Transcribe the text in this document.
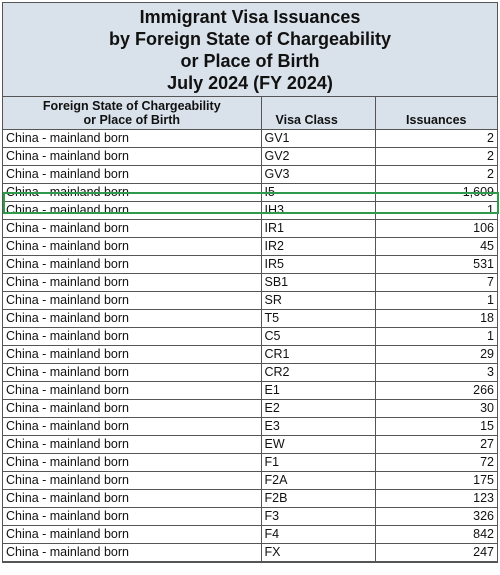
Immigrant Visa Issuances
by Foreign State of Chargeability
or Place of Birth
July 2024 (FY 2024)
Foreign State of Chargeability
or Place of Birth	Visa Class	Issuances
China - mainland born	GV1	2
China - mainland born	GV2	2
China - mainland born	GV3	2
China - mainland born	I5	1,609
China - mainland born	IH3	1
China - mainland born	IR1	106
China - mainland born	IR2	45
China - mainland born	IR5	531
China - mainland born	SB1	7
China - mainland born	SR	1
China - mainland born	T5	18
China - mainland born	C5	1
China - mainland born	CR1	29
China - mainland born	CR2	3
China - mainland born	E1	266
China - mainland born	E2	30
China - mainland born	E3	15
China - mainland born	EW	27
China - mainland born	F1	72
China - mainland born	F2A	175
China - mainland born	F2B	123
China - mainland born	F3	326
China - mainland born	F4	842
China - mainland born	FX	247
